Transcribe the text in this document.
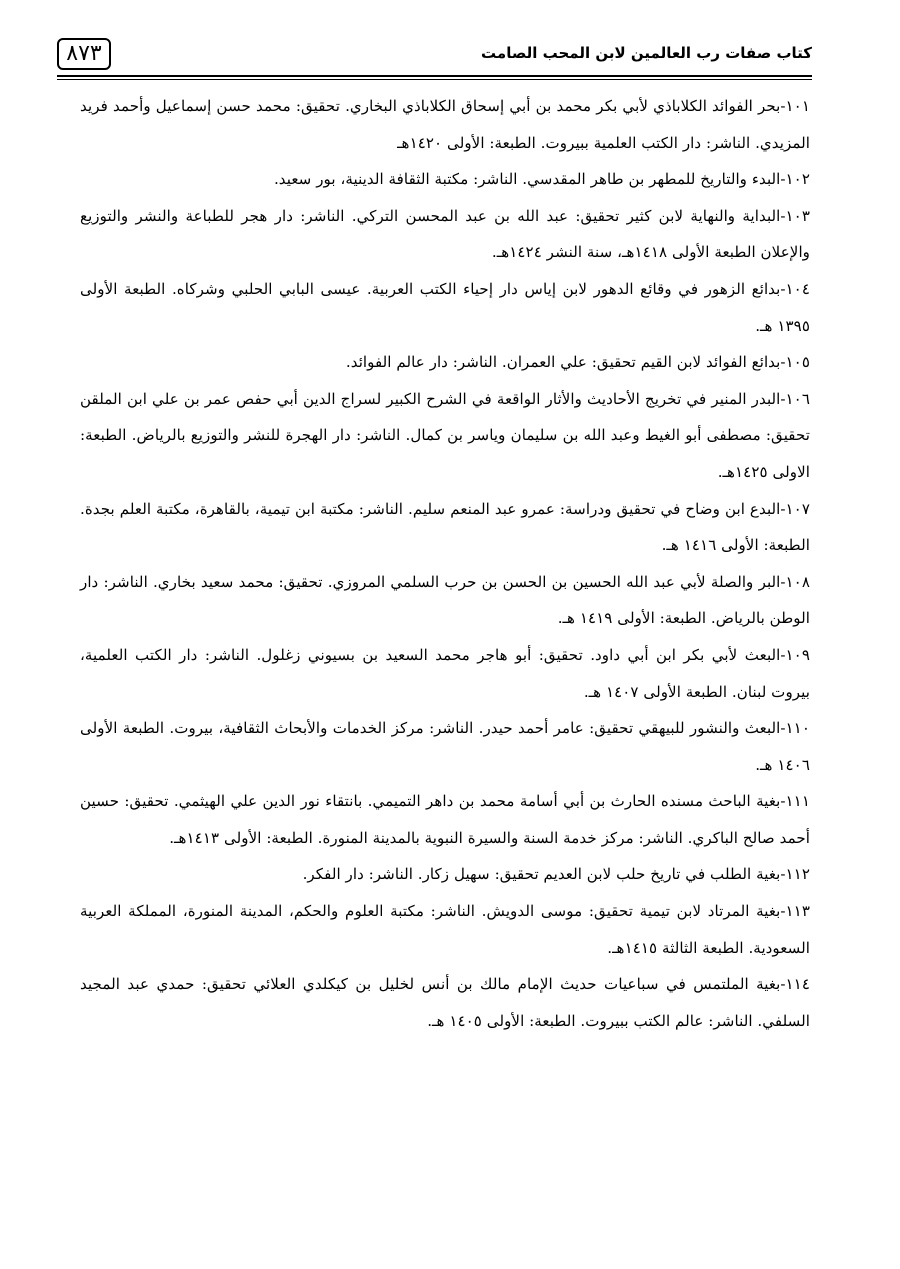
٨٧٣	كتاب صفات رب العالمين لابن المحب الصامت

١٠١-بحر الفوائد الكلاباذي لأبي بكر محمد بن أبي إسحاق الكلاباذي البخاري. تحقيق: محمد حسن إسماعيل وأحمد فريد المزيدي. الناشر: دار الكتب العلمية ببيروت. الطبعة: الأولى ١٤٢٠هـ

١٠٢-البدء والتاريخ للمطهر بن طاهر المقدسي. الناشر: مكتبة الثقافة الدينية، بور سعيد.

١٠٣-البداية والنهاية لابن كثير تحقيق: عبد الله بن عبد المحسن التركي. الناشر: دار هجر للطباعة والنشر والتوزيع والإعلان الطبعة الأولى ١٤١٨هـ، سنة النشر ١٤٢٤هـ.

١٠٤-بدائع الزهور في وقائع الدهور لابن إياس دار إحياء الكتب العربية. عيسى البابي الحلبي وشركاه. الطبعة الأولى ١٣٩٥ هـ.

١٠٥-بدائع الفوائد لابن القيم تحقيق: علي العمران. الناشر: دار عالم الفوائد.

١٠٦-البدر المنير في تخريج الأحاديث والأثار الواقعة في الشرح الكبير لسراج الدين أبي حفص عمر بن علي ابن الملقن تحقيق: مصطفى أبو الغيط وعبد الله بن سليمان وياسر بن كمال. الناشر: دار الهجرة للنشر والتوزيع بالرياض. الطبعة: الاولى ١٤٢٥هـ.

١٠٧-البدع ابن وضاح في تحقيق ودراسة: عمرو عبد المنعم سليم. الناشر: مكتبة ابن تيمية، بالقاهرة، مكتبة العلم بجدة. الطبعة: الأولى ١٤١٦ هـ.

١٠٨-البر والصلة لأبي عبد الله الحسين بن الحسن بن حرب السلمي المروزي. تحقيق: محمد سعيد بخاري. الناشر: دار الوطن بالرياض. الطبعة: الأولى ١٤١٩ هـ.

١٠٩-البعث لأبي بكر ابن أبي داود. تحقيق: أبو هاجر محمد السعيد بن بسيوني زغلول. الناشر: دار الكتب العلمية، بيروت لبنان. الطبعة الأولى ١٤٠٧ هـ.

١١٠-البعث والنشور للبيهقي تحقيق: عامر أحمد حيدر. الناشر: مركز الخدمات والأبحاث الثقافية، بيروت. الطبعة الأولى ١٤٠٦ هـ.

١١١-بغية الباحث مسنده الحارث بن أبي أسامة محمد بن داهر التميمي. بانتقاء نور الدين علي الهيثمي. تحقيق: حسين أحمد صالح الباكري. الناشر: مركز خدمة السنة والسيرة النبوية بالمدينة المنورة. الطبعة: الأولى ١٤١٣هـ.

١١٢-بغية الطلب في تاريخ حلب لابن العديم تحقيق: سهيل زكار. الناشر: دار الفكر.

١١٣-بغية المرتاد لابن تيمية تحقيق: موسى الدويش. الناشر: مكتبة العلوم والحكم، المدينة المنورة، المملكة العربية السعودية. الطبعة الثالثة ١٤١٥هـ.

١١٤-بغية الملتمس في سباعيات حديث الإمام مالك بن أنس لخليل بن كيكلدي العلائي تحقيق: حمدي عبد المجيد السلفي. الناشر: عالم الكتب ببيروت. الطبعة: الأولى ١٤٠٥ هـ.
